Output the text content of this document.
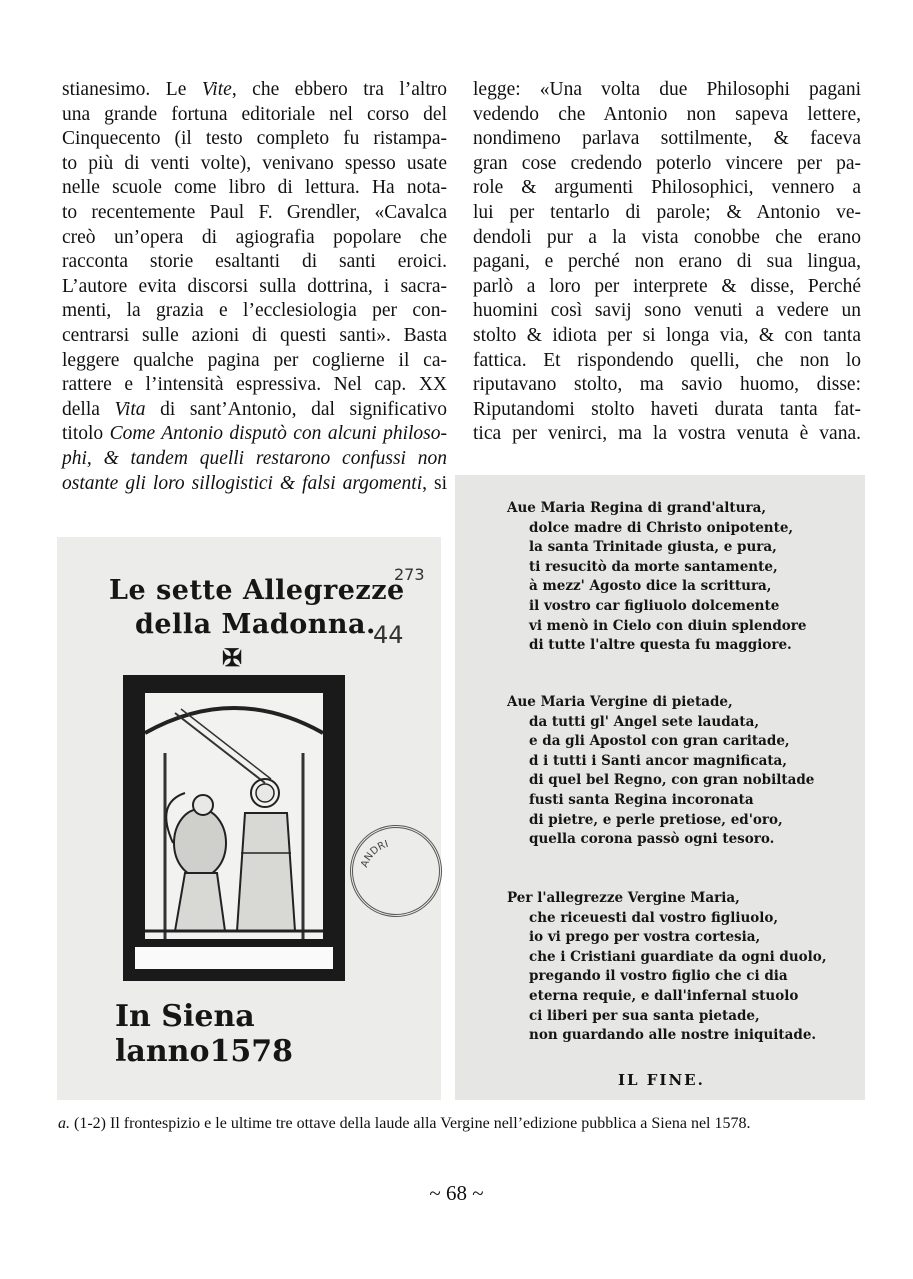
stianesimo. Le Vite, che ebbero tra l’altro

una grande fortuna editoriale nel corso del

Cinquecento (il testo completo fu ristampa-

to più di venti volte), venivano spesso usate

nelle scuole come libro di lettura. Ha nota-

to recentemente Paul F. Grendler, «Cavalca

creò un’opera di agiografia popolare che

racconta storie esaltanti di santi eroici.

L’autore evita discorsi sulla dottrina, i sacra-

menti, la grazia e l’ecclesiologia per con-

centrarsi sulle azioni di questi santi». Basta

leggere qualche pagina per coglierne il ca-

rattere e l’intensità espressiva. Nel cap. XX

della Vita di sant’Antonio, dal significativo

titolo Come Antonio disputò con alcuni philoso-

phi, & tandem quelli restarono confussi non

ostante gli loro sillogistici & falsi argomenti, si

legge: «Una volta due Philosophi pagani

vedendo che Antonio non sapeva lettere,

nondimeno parlava sottilmente, & faceva

gran cose credendo poterlo vincere per pa-

role & argumenti Philosophici, vennero a

lui per tentarlo di parole; & Antonio ve-

dendoli pur a la vista conobbe che erano

pagani, e perché non erano di sua lingua,

parlò a loro per interprete & disse, Perché

huomini così savij sono venuti a vedere un

stolto & idiota per si longa via, & con tanta

fattica. Et rispondendo quelli, che non lo

riputavano stolto, ma savio huomo, disse:

Riputandomi stolto haveti durata tanta fat-

tica per venirci, ma la vostra venuta è vana.

Le sette Allegrezze
della Madonna.
273
44
✠
ANDRI
In Siena lanno1578
Aue Maria Regina di grand'altura,
dolce madre di Christo onipotente,
la santa Trinitade giusta, e pura,
ti resucitò da morte santamente,
à mezz' Agosto dice la scrittura,
il vostro car figliuolo dolcemente
vi menò in Cielo con diuin splendore
di tutte l'altre questa fu maggiore.
Aue Maria Vergine di pietade,
da tutti gl' Angel sete laudata,
e da gli Apostol con gran caritade,
d i tutti i Santi ancor magnificata,
di quel bel Regno, con gran nobiltade
fusti santa Regina incoronata
di pietre, e perle pretiose, ed'oro,
quella corona passò ogni tesoro.
Per l'allegrezze Vergine Maria,
che riceuesti dal vostro figliuolo,
io vi prego per vostra cortesia,
che i Cristiani guardiate da ogni duolo,
pregando il vostro figlio che ci dia
eterna requie, e dall'infernal stuolo
ci liberi per sua santa pietade,
non guardando alle nostre iniquitade.
IL FINE.
a. (1-2) Il frontespizio e le ultime tre ottave della laude alla Vergine nell’edizione pubblica a Siena nel 1578.
~ 68 ~
